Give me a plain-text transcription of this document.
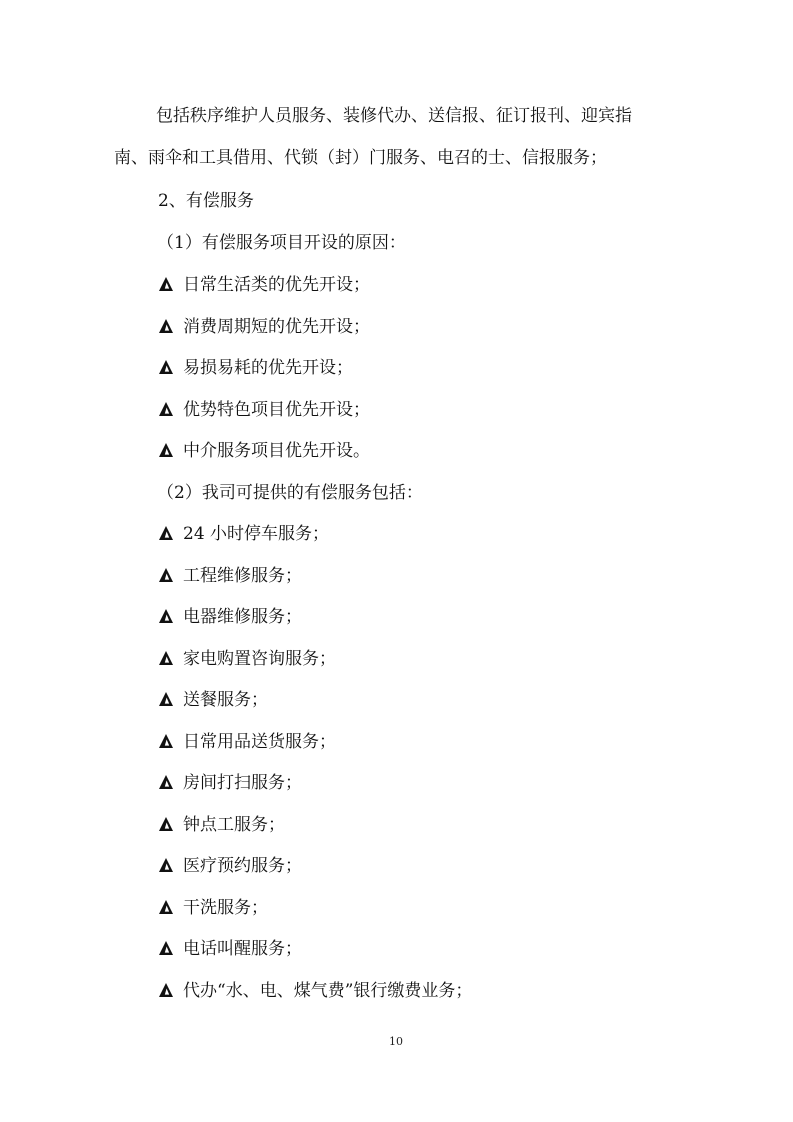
包括秩序维护人员服务、装修代办、送信报、征订报刊、迎宾指
南、雨伞和工具借用、代锁（封）门服务、电召的士、信报服务；
2、有偿服务
（1）有偿服务项目开设的原因：
日常生活类的优先开设；
消费周期短的优先开设；
易损易耗的优先开设；
优势特色项目优先开设；
中介服务项目优先开设。
（2）我司可提供的有偿服务包括：
24 小时停车服务；
工程维修服务；
电器维修服务；
家电购置咨询服务；
送餐服务；
日常用品送货服务；
房间打扫服务；
钟点工服务；
医疗预约服务；
干洗服务；
电话叫醒服务；
代办“水、电、煤气费”银行缴费业务；
10
